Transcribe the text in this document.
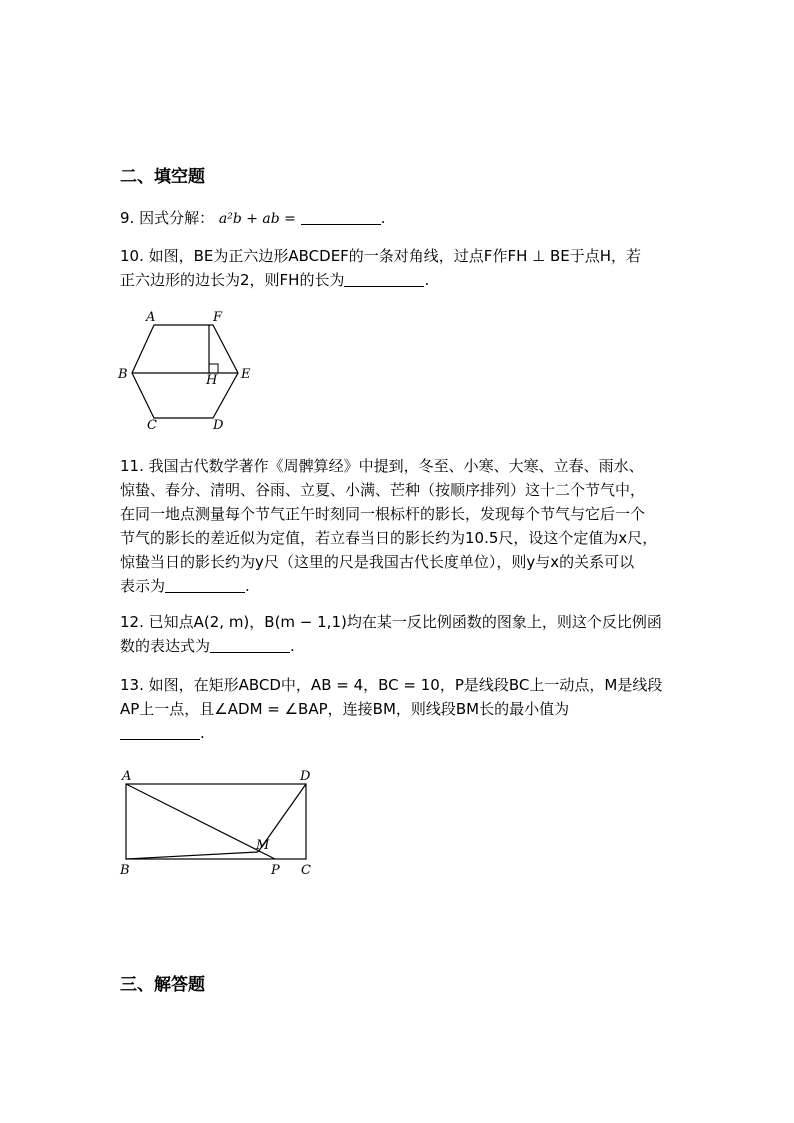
二、填空题
9. 因式分解： a²b + ab =	.
10. 如图，BE为正六边形ABCDEF的一条对角线，过点F作FH ⊥ BE于点H，若
正六边形的边长为2，则FH的长为	.
A	F
B	H E
C	D
11. 我国古代数学著作《周髀算经》中提到，冬至、小寒、大寒、立春、雨水、
惊蛰、春分、清明、谷雨、立夏、小满、芒种（按顺序排列）这十二个节气中，
在同一地点测量每个节气正午时刻同一根标杆的影长，发现每个节气与它后一个
节气的影长的差近似为定值，若立春当日的影长约为10.5尺，设这个定值为x尺，
惊蛰当日的影长约为y尺（这里的尺是我国古代长度单位），则y与x的关系可以
表示为	.
12. 已知点A(2, m)，B(m − 1,1)均在某一反比例函数的图象上，则这个反比例函
数的表达式为	.
13. 如图，在矩形ABCD中，AB = 4，BC = 10，P是线段BC上一动点，M是线段
AP上一点，且∠ADM = ∠BAP，连接BM，则线段BM长的最小值为
.
A	D
M
B	P C
三、解答题
